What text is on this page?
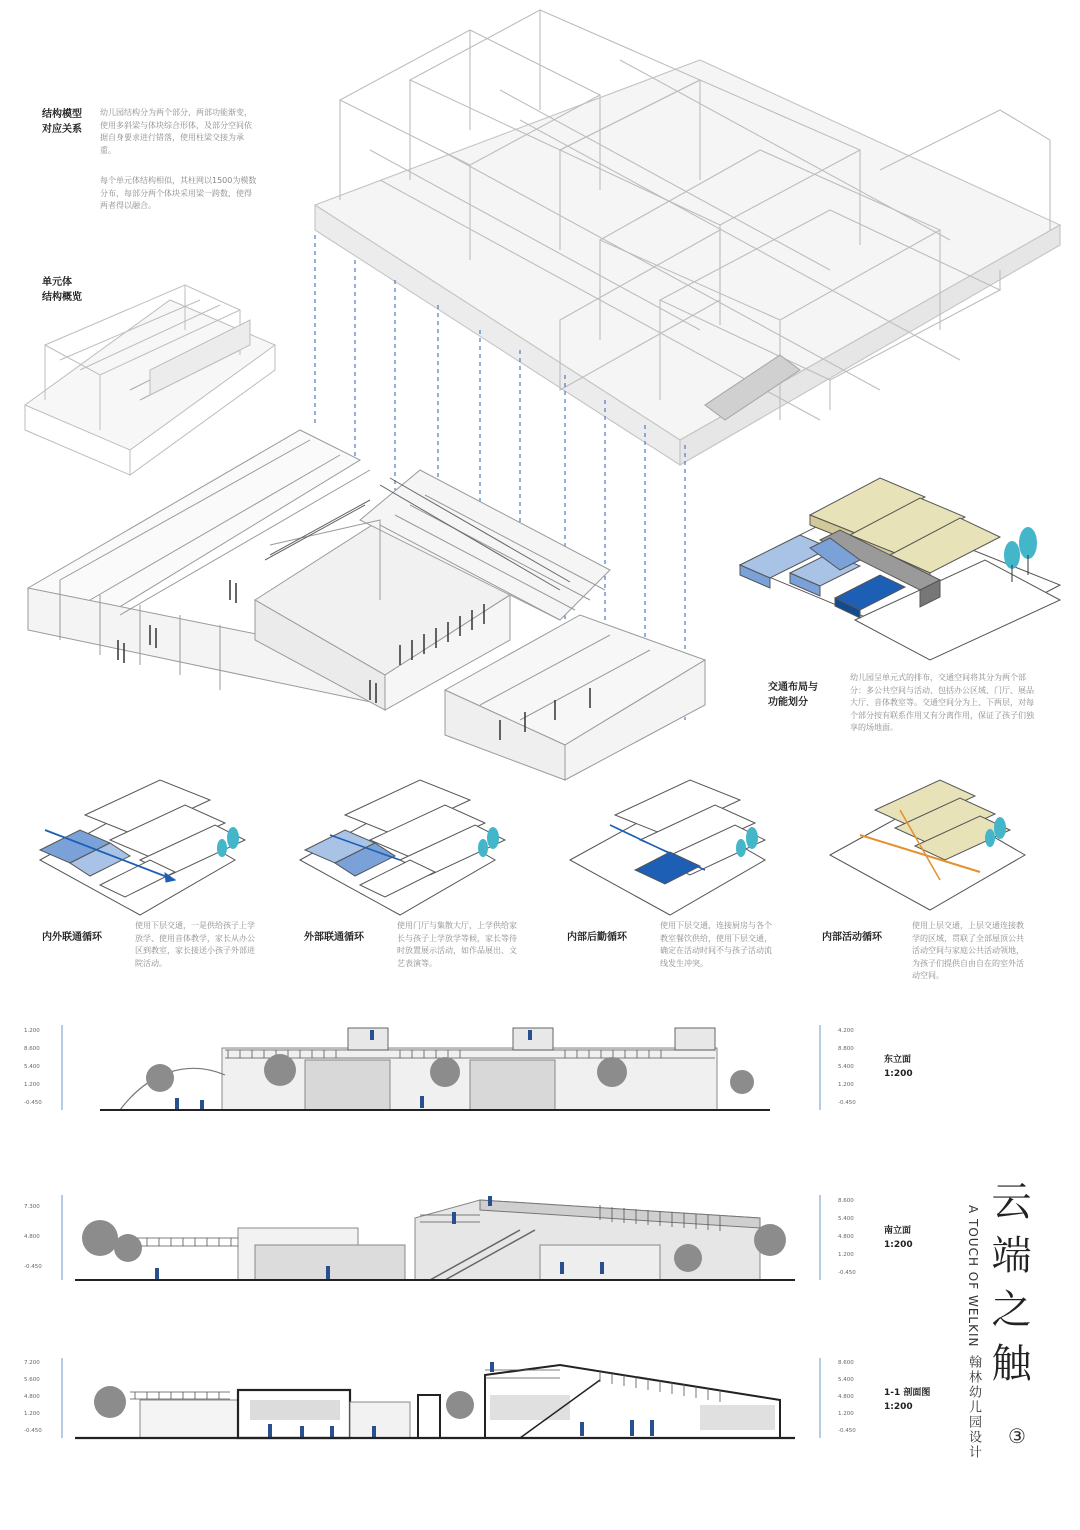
结构模型
对应关系
幼儿园结构分为两个部分，两部功能渐变，使用多斜梁与体块综合形体，及部分空间依据自身要求进行错落，使用柱梁交接为承重。
每个单元体结构相似，其柱网以1500为模数分布，每部分两个体块采用梁一跨数，使得两者得以融合。
单元体
结构概览
交通布局与
功能划分
幼儿园呈单元式的排布，交通空间将其分为两个部分：多公共空间与活动、包括办公区域、门厅、展品大厅、音体教室等。交通空间分为上、下两层，对每个部分按有联系作用又有分离作用，保证了孩子们独享的场地面。
内外联通循环
使用下层交通，一是供给孩子上学放学、使用音体教学，家长从办公区到教室，家长接送小孩子外部进院活动。
外部联通循环
使用门厅与集散大厅，上学供给家长与孩子上学放学等候，家长等待时放置展示活动，如作品展出、文艺表演等。
内部后勤循环
使用下层交通，连接厨房与各个教室餐饮供给，使用下层交通，确定在活动时间不与孩子活动流线发生冲突。
内部活动循环
使用上层交通，上层交通连接教学的区域，贯联了全部屋顶公共活动空间与家庭公共活动领地，为孩子们提供自由自在的室外活动空间。
东立面
1:200
南立面
1:200
1-1 剖面图
1:200
云端之触
A TOUCH OF WELKIN 翰林幼儿园设计 ③
1.200
8.600
5.400
1.200
-0.450
4.200
8.800
5.400
1.200
-0.450
7.300
4.800
-0.450
8.600
5.400
4.800
1.200
-0.450
7.200
5.600
4.800
1.200
-0.450
8.600
5.400
4.800
1.200
-0.450
